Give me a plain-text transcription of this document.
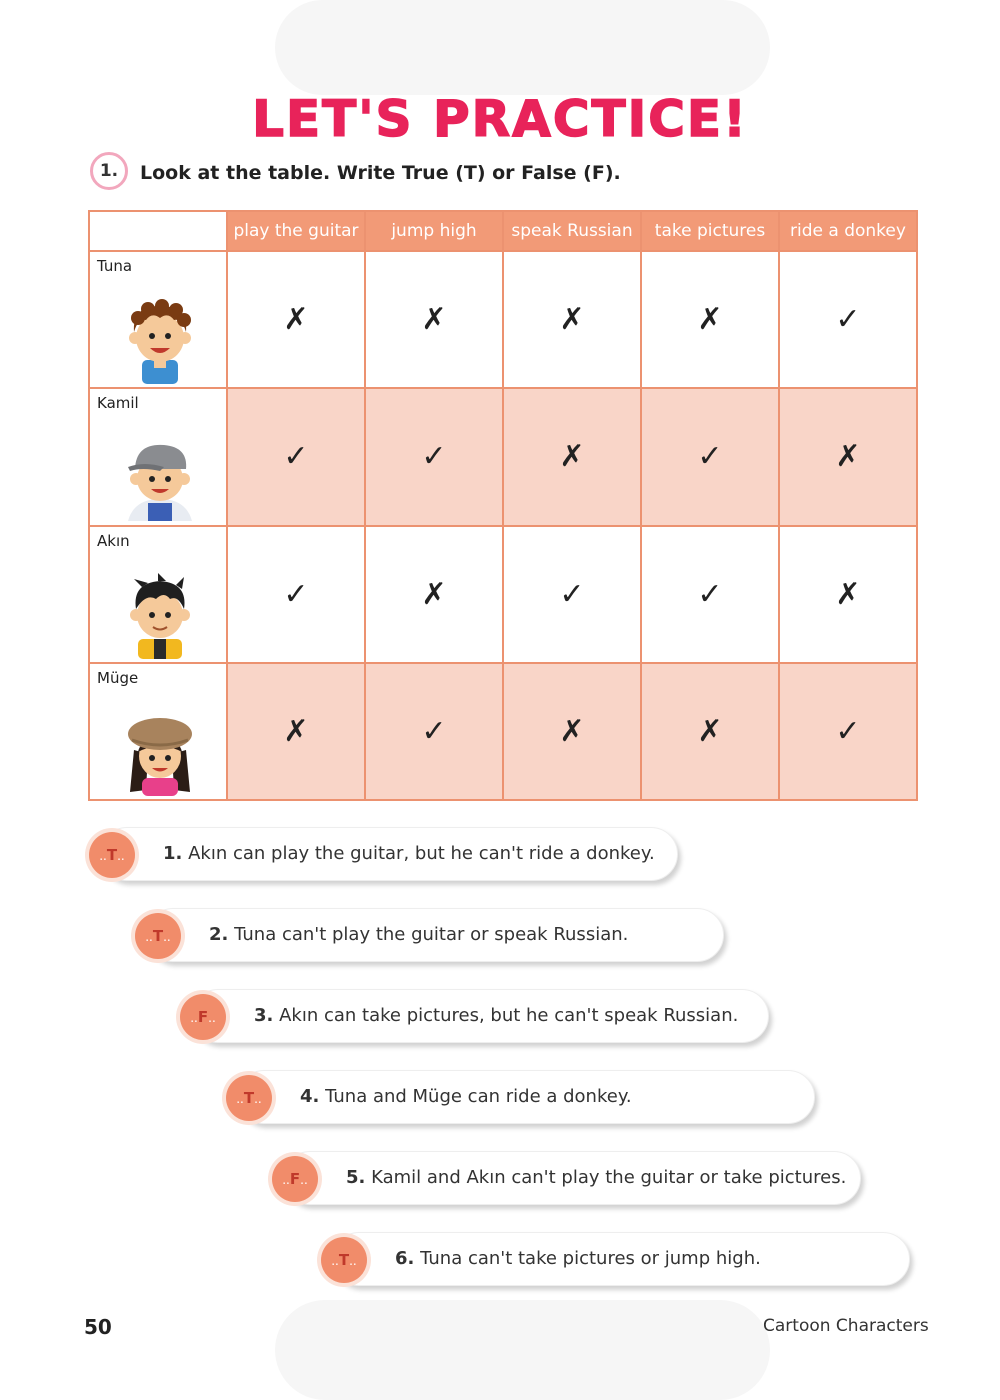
LET'S PRACTICE!
1.	Look at the table. Write True (T) or False (F).
	play the guitar	jump high	speak Russian	take pictures	ride a donkey

Tuna	✗	✗	✗	✗	✓

Kamil	✓	✓	✗	✓	✗

Akın	✓	✗	✓	✓	✗

Müge	✗	✓	✗	✗	✓
..T..	1. Akın can play the guitar, but he can't ride a donkey.
..T..	2. Tuna can't play the guitar or speak Russian.
..F..	3. Akın can take pictures, but he can't speak Russian.
..T..	4. Tuna and Müge can ride a donkey.
..F..	5. Kamil and Akın can't play the guitar or take pictures.
..T..	6. Tuna can't take pictures or jump high.
50	Cartoon Characters
